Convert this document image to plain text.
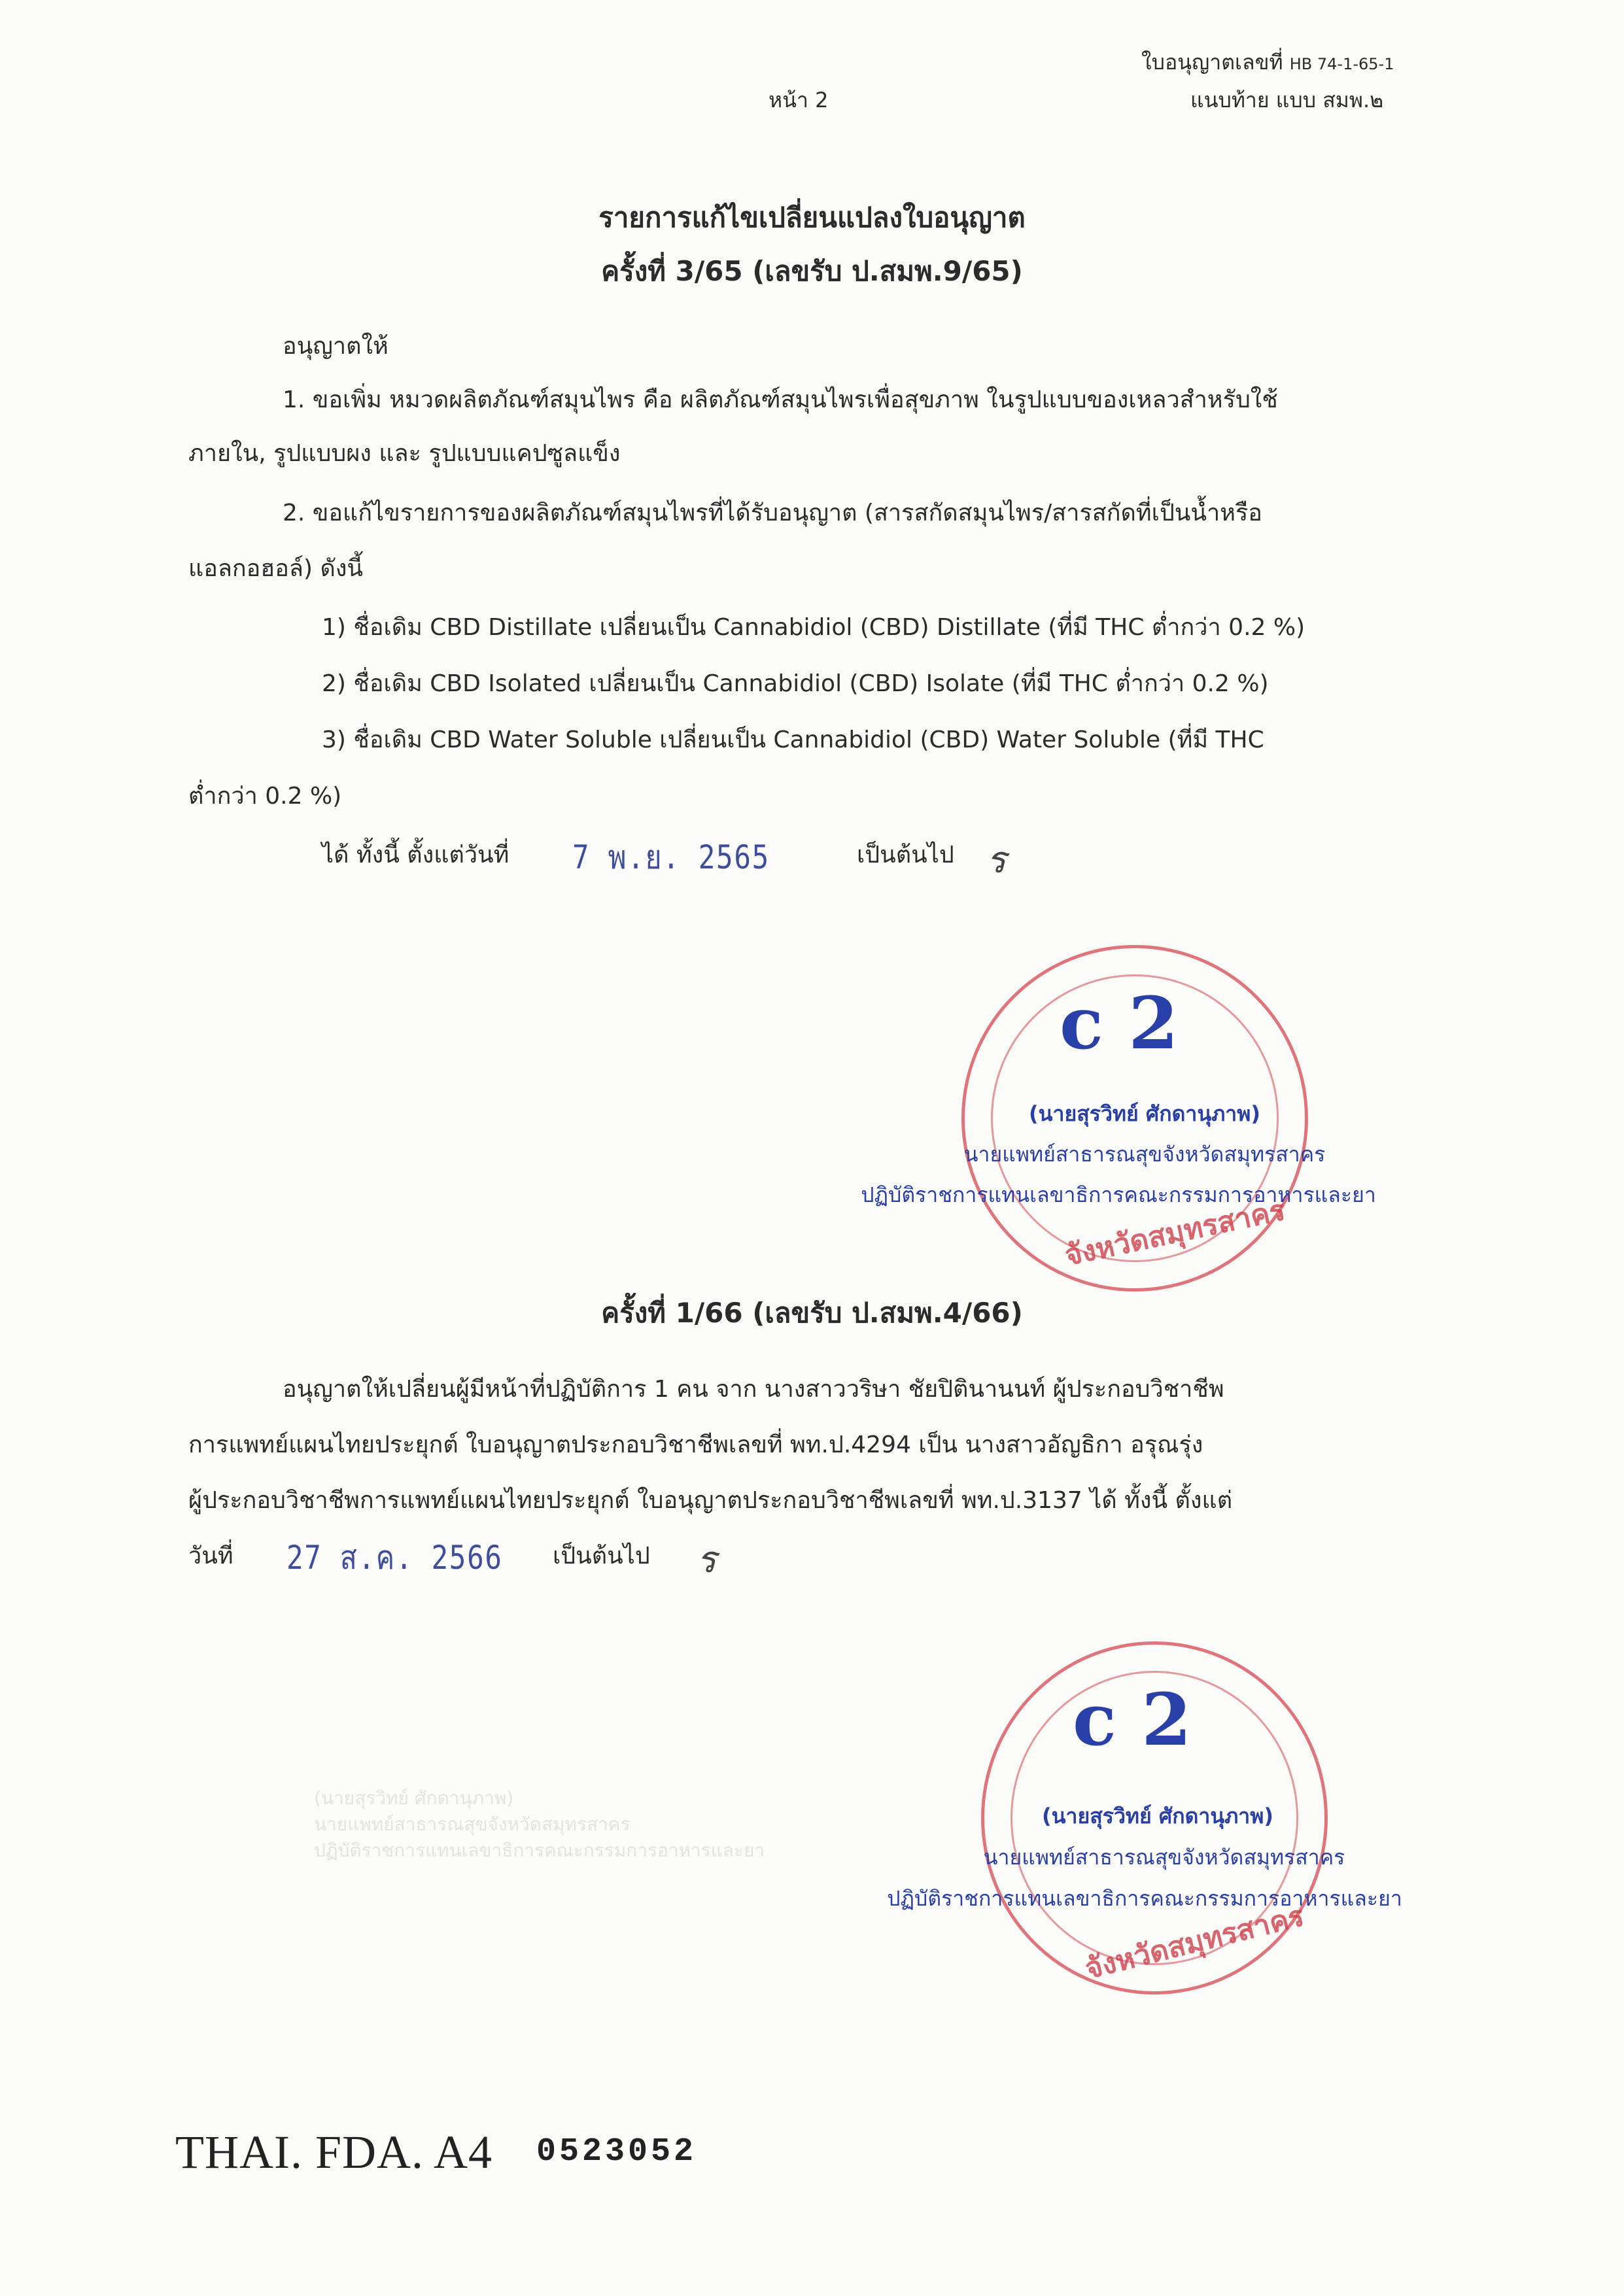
ใบอนุญาตเลขที่ HB 74-1-65-1
หน้า 2	แนบท้าย แบบ สมพ.๒
รายการแก้ไขเปลี่ยนแปลงใบอนุญาต
ครั้งที่ 3/65 (เลขรับ ป.สมพ.9/65)
อนุญาตให้
1. ขอเพิ่ม หมวดผลิตภัณฑ์สมุนไพร คือ ผลิตภัณฑ์สมุนไพรเพื่อสุขภาพ ในรูปแบบของเหลวสำหรับใช้
ภายใน, รูปแบบผง และ รูปแบบแคปซูลแข็ง
2. ขอแก้ไขรายการของผลิตภัณฑ์สมุนไพรที่ได้รับอนุญาต (สารสกัดสมุนไพร/สารสกัดที่เป็นน้ำหรือ
แอลกอฮอล์) ดังนี้
1) ชื่อเดิม CBD Distillate เปลี่ยนเป็น Cannabidiol (CBD) Distillate (ที่มี THC ต่ำกว่า 0.2 %)
2) ชื่อเดิม CBD Isolated เปลี่ยนเป็น Cannabidiol (CBD) Isolate (ที่มี THC ต่ำกว่า 0.2 %)
3) ชื่อเดิม CBD Water Soluble เปลี่ยนเป็น Cannabidiol (CBD) Water Soluble (ที่มี THC
ต่ำกว่า 0.2 %)
ได้ ทั้งนี้ ตั้งแต่วันที่ 7 พ.ย. 2565	เป็นต้นไป ร
จังหวัดสมุทรสาคร
c 2
(นายสุรวิทย์ ศักดานุภาพ)
นายแพทย์สาธารณสุขจังหวัดสมุทรสาคร
ปฏิบัติราชการแทนเลขาธิการคณะกรรมการอาหารและยา
ครั้งที่ 1/66 (เลขรับ ป.สมพ.4/66)
อนุญาตให้เปลี่ยนผู้มีหน้าที่ปฏิบัติการ 1 คน จาก นางสาววริษา ชัยปิตินานนท์ ผู้ประกอบวิชาชีพ
การแพทย์แผนไทยประยุกต์ ใบอนุญาตประกอบวิชาชีพเลขที่ พท.ป.4294 เป็น นางสาวอัญธิกา อรุณรุ่ง
ผู้ประกอบวิชาชีพการแพทย์แผนไทยประยุกต์ ใบอนุญาตประกอบวิชาชีพเลขที่ พท.ป.3137 ได้ ทั้งนี้ ตั้งแต่
วันที่ 27 ส.ค. 2566 เป็นต้นไป ร
(นายสุรวิทย์ ศักดานุภาพ)
นายแพทย์สาธารณสุขจังหวัดสมุทรสาคร
ปฏิบัติราชการแทนเลขาธิการคณะกรรมการอาหารและยา
จังหวัดสมุทรสาคร
c 2
(นายสุรวิทย์ ศักดานุภาพ)
นายแพทย์สาธารณสุขจังหวัดสมุทรสาคร
ปฏิบัติราชการแทนเลขาธิการคณะกรรมการอาหารและยา
THAI. FDA. A4 0523052
